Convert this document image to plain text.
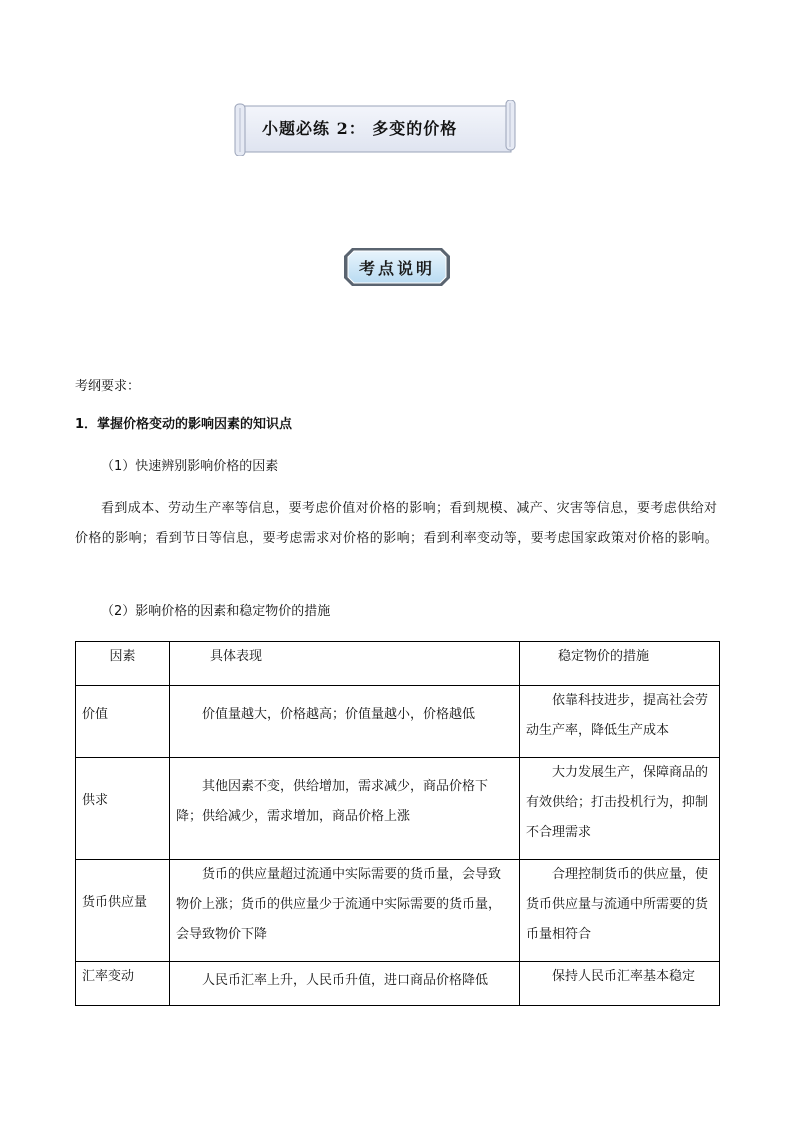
小题必练 2： 多变的价格
考点说明
考纲要求：
1．掌握价格变动的影响因素的知识点
（1）快速辨别影响价格的因素
看到成本、劳动生产率等信息，要考虑价值对价格的影响；看到规模、减产、灾害等信息，要考虑供给对价格的影响；看到节日等信息，要考虑需求对价格的影响；看到利率变动等，要考虑国家政策对价格的影响。
（2）影响价格的因素和稳定物价的措施
因素	具体表现	稳定物价的措施
价值	价值量越大，价格越高；价值量越小，价格越低	依靠科技进步，提高社会劳动生产率，降低生产成本
供求	其他因素不变，供给增加，需求减少，商品价格下降；供给减少，需求增加，商品价格上涨	大力发展生产，保障商品的有效供给；打击投机行为，抑制不合理需求
货币供应量	货币的供应量超过流通中实际需要的货币量，会导致物价上涨；货币的供应量少于流通中实际需要的货币量，会导致物价下降	合理控制货币的供应量，使货币供应量与流通中所需要的货币量相符合
汇率变动	人民币汇率上升，人民币升值，进口商品价格降低	保持人民币汇率基本稳定
